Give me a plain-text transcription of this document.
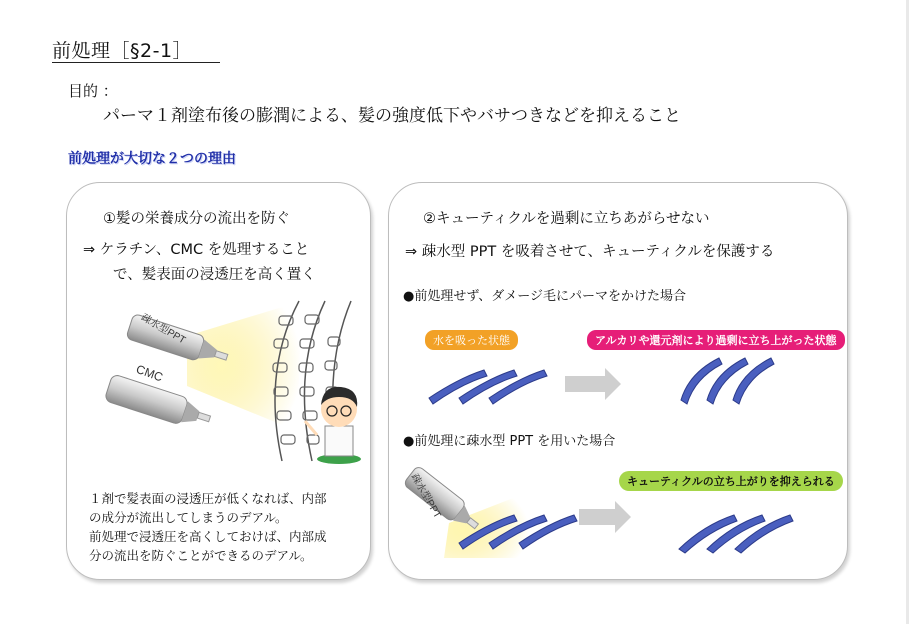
前処理［§2-1］
目的 ：
パーマ１剤塗布後の膨潤による、髪の強度低下やバサつきなどを抑えること
前処理が大切な２つの理由
①髪の栄養成分の流出を防ぐ
⇒ ケラチン、CMC を処理すること
で、髪表面の浸透圧を高く置く
疎水型PPT
CMC
１剤で髪表面の浸透圧が低くなれば、内部
の成分が流出してしまうのデアル。
前処理で浸透圧を高くしておけば、内部成
分の流出を防ぐことができるのデアル。
②キューティクルを過剰に立ちあがらせない
⇒ 疎水型 PPT を吸着させて、キューティクルを保護する
●前処理せず、ダメージ毛にパーマをかけた場合
水を吸った状態	アルカリや還元剤により過剰に立ち上がった状態
●前処理に疎水型 PPT を用いた場合
キューティクルの立ち上がりを抑えられる
疎水型PPT
